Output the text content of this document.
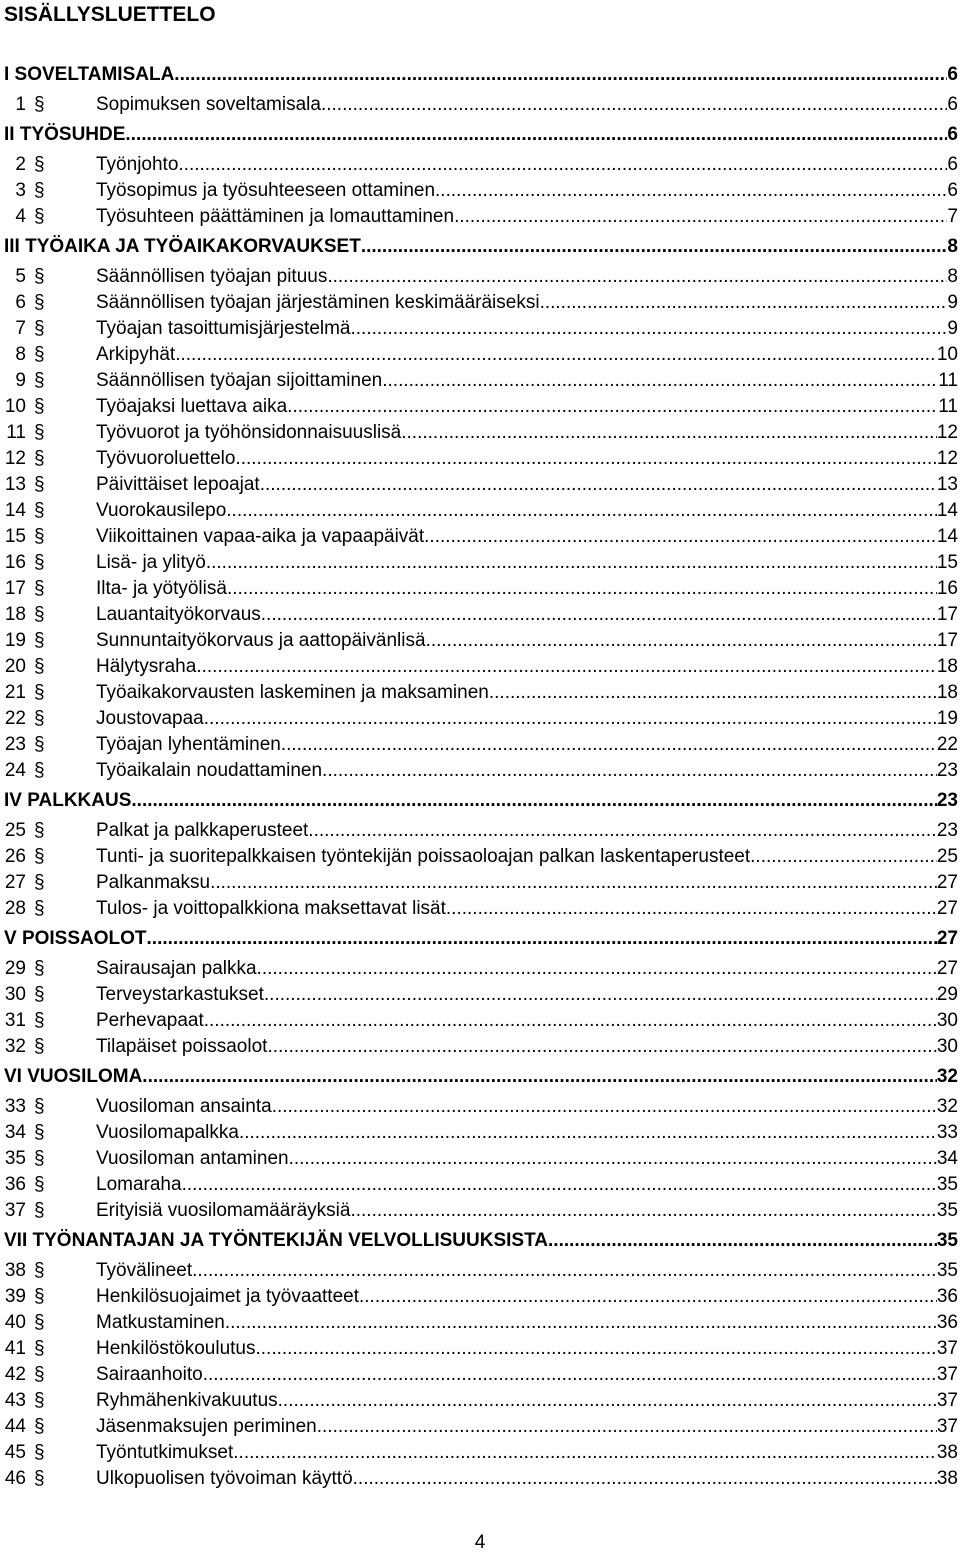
SISÄLLYSLUETTELO
I SOVELTAMISALA .....	6
1 §	Sopimuksen soveltamisala .....	6
II TYÖSUHDE .....	6
2 §	Työnjohto .....	6
3 §	Työsopimus ja työsuhteeseen ottaminen .....	6
4 §	Työsuhteen päättäminen ja lomauttaminen .....	7
III TYÖAIKA JA TYÖAIKAKORVAUKSET .....	8
5 §	Säännöllisen työajan pituus .....	8
6 §	Säännöllisen työajan järjestäminen keskimääräiseksi .....	9
7 §	Työajan tasoittumisjärjestelmä .....	9
8 §	Arkipyhät .....	10
9 §	Säännöllisen työajan sijoittaminen .....	11
10 §	Työajaksi luettava aika .....	11
11 §	Työvuorot ja työhönsidonnaisuuslisä .....	12
12 §	Työvuoroluettelo .....	12
13 §	Päivittäiset lepoajat .....	13
14 §	Vuorokausilepo .....	14
15 §	Viikoittainen vapaa-aika ja vapaapäivät .....	14
16 §	Lisä- ja ylityö .....	15
17 §	Ilta- ja yötyölisä .....	16
18 §	Lauantaityökorvaus .....	17
19 §	Sunnuntaityökorvaus ja aattopäivänlisä .....	17
20 §	Hälytysraha .....	18
21 §	Työaikakorvausten laskeminen ja maksaminen .....	18
22 §	Joustovapaa .....	19
23 §	Työajan lyhentäminen .....	22
24 §	Työaikalain noudattaminen .....	23
IV PALKKAUS .....	23
25 §	Palkat ja palkkaperusteet .....	23
26 §	Tunti- ja suoritepalkkaisen työntekijän poissaoloajan palkan laskentaperusteet .....	25
27 §	Palkanmaksu .....	27
28 §	Tulos- ja voittopalkkiona maksettavat lisät .....	27
V POISSAOLOT .....	27
29 §	Sairausajan palkka .....	27
30 §	Terveystarkastukset .....	29
31 §	Perhevapaat .....	30
32 §	Tilapäiset poissaolot .....	30
VI VUOSILOMA .....	32
33 §	Vuosiloman ansainta .....	32
34 §	Vuosilomapalkka .....	33
35 §	Vuosiloman antaminen .....	34
36 §	Lomaraha .....	35
37 §	Erityisiä vuosilomamääräyksiä .....	35
VII TYÖNANTAJAN JA TYÖNTEKIJÄN VELVOLLISUUKSISTA .....	35
38 §	Työvälineet .....	35
39 §	Henkilösuojaimet ja työvaatteet .....	36
40 §	Matkustaminen .....	36
41 §	Henkilöstökoulutus .....	37
42 §	Sairaanhoito .....	37
43 §	Ryhmähenkivakuutus .....	37
44 §	Jäsenmaksujen periminen .....	37
45 §	Työntutkimukset .....	38
46 §	Ulkopuolisen työvoiman käyttö .....	38
4
